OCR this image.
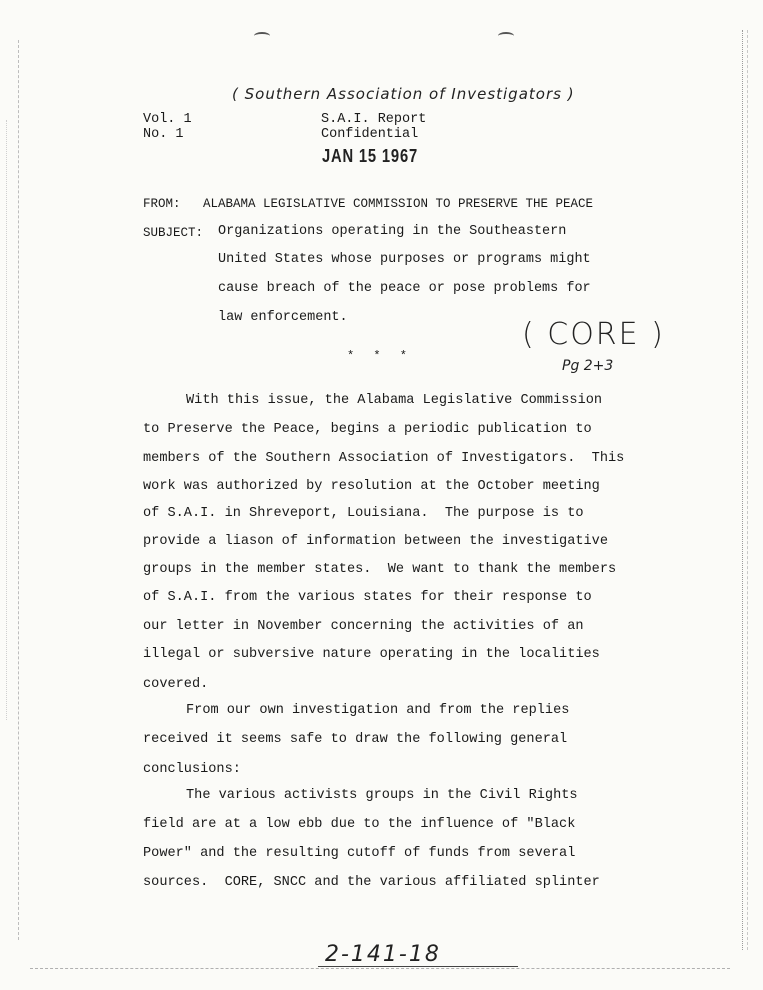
( Southern Association of Investigators )
Vol. 1
No. 1
S.A.I. Report
Confidential
JAN 15 1967
FROM: ALABAMA LEGISLATIVE COMMISSION TO PRESERVE THE PEACE
SUBJECT: Organizations operating in the Southeastern
United States whose purposes or programs might
cause breach of the peace or pose problems for
law enforcement.
* * *
( CORE )
Pg 2+3
With this issue, the Alabama Legislative Commission
to Preserve the Peace, begins a periodic publication to
members of the Southern Association of Investigators.  This
work was authorized by resolution at the October meeting
of S.A.I. in Shreveport, Louisiana.  The purpose is to
provide a liason of information between the investigative
groups in the member states.  We want to thank the members
of S.A.I. from the various states for their response to
our letter in November concerning the activities of an
illegal or subversive nature operating in the localities
covered.
From our own investigation and from the replies
received it seems safe to draw the following general
conclusions:
The various activists groups in the Civil Rights
field are at a low ebb due to the influence of "Black
Power" and the resulting cutoff of funds from several
sources.  CORE, SNCC and the various affiliated splinter
2-141-18
